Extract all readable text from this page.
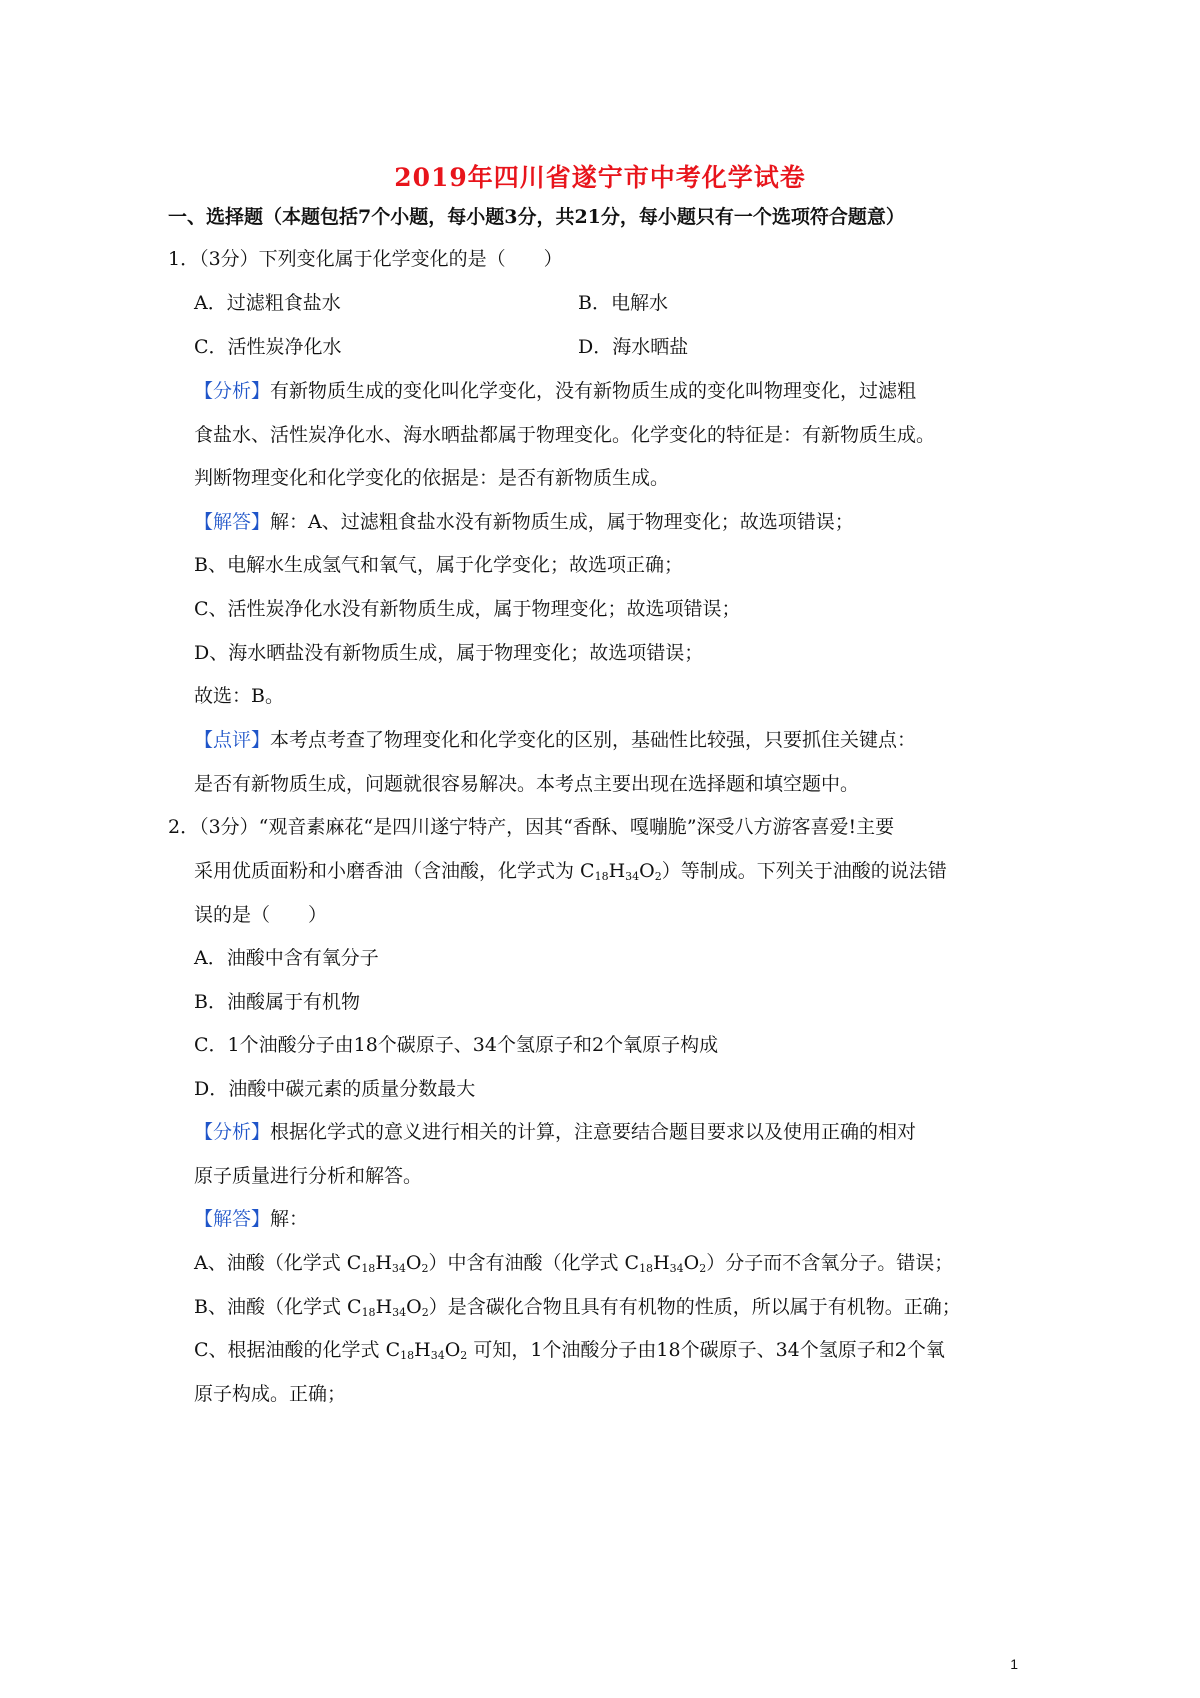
2019年四川省遂宁市中考化学试卷
一、选择题（本题包括7个小题，每小题3分，共21分，每小题只有一个选项符合题意）
1．（3分）下列变化属于化学变化的是（　　）
A．过滤粗食盐水	B．电解水
C．活性炭净化水	D．海水晒盐
【分析】有新物质生成的变化叫化学变化，没有新物质生成的变化叫物理变化，过滤粗
食盐水、活性炭净化水、海水晒盐都属于物理变化。化学变化的特征是：有新物质生成。
判断物理变化和化学变化的依据是：是否有新物质生成。
【解答】解：A、过滤粗食盐水没有新物质生成，属于物理变化；故选项错误；
B、电解水生成氢气和氧气，属于化学变化；故选项正确；
C、活性炭净化水没有新物质生成，属于物理变化；故选项错误；
D、海水晒盐没有新物质生成，属于物理变化；故选项错误；
故选：B。
【点评】本考点考查了物理变化和化学变化的区别，基础性比较强，只要抓住关键点：
是否有新物质生成，问题就很容易解决。本考点主要出现在选择题和填空题中。
2．（3分）“观音素麻花“是四川遂宁特产，因其“香酥、嘎嘣脆”深受八方游客喜爱!主要
采用优质面粉和小磨香油（含油酸，化学式为 $C_{18}H_{34}O_2$）等制成。下列关于油酸的说法错
误的是（　　）
A．油酸中含有氧分子
B．油酸属于有机物
C．1个油酸分子由18个碳原子、34个氢原子和2个氧原子构成
D．油酸中碳元素的质量分数最大
【分析】根据化学式的意义进行相关的计算，注意要结合题目要求以及使用正确的相对
原子质量进行分析和解答。
【解答】解：
A、油酸（化学式 $C_{18}H_{34}O_2$）中含有油酸（化学式 $C_{18}H_{34}O_2$）分子而不含氧分子。错误；
B、油酸（化学式 $C_{18}H_{34}O_2$）是含碳化合物且具有有机物的性质，所以属于有机物。正确；
C、根据油酸的化学式 $C_{18}H_{34}O_2$ 可知，1个油酸分子由18个碳原子、34个氢原子和2个氧
原子构成。正确；
1
